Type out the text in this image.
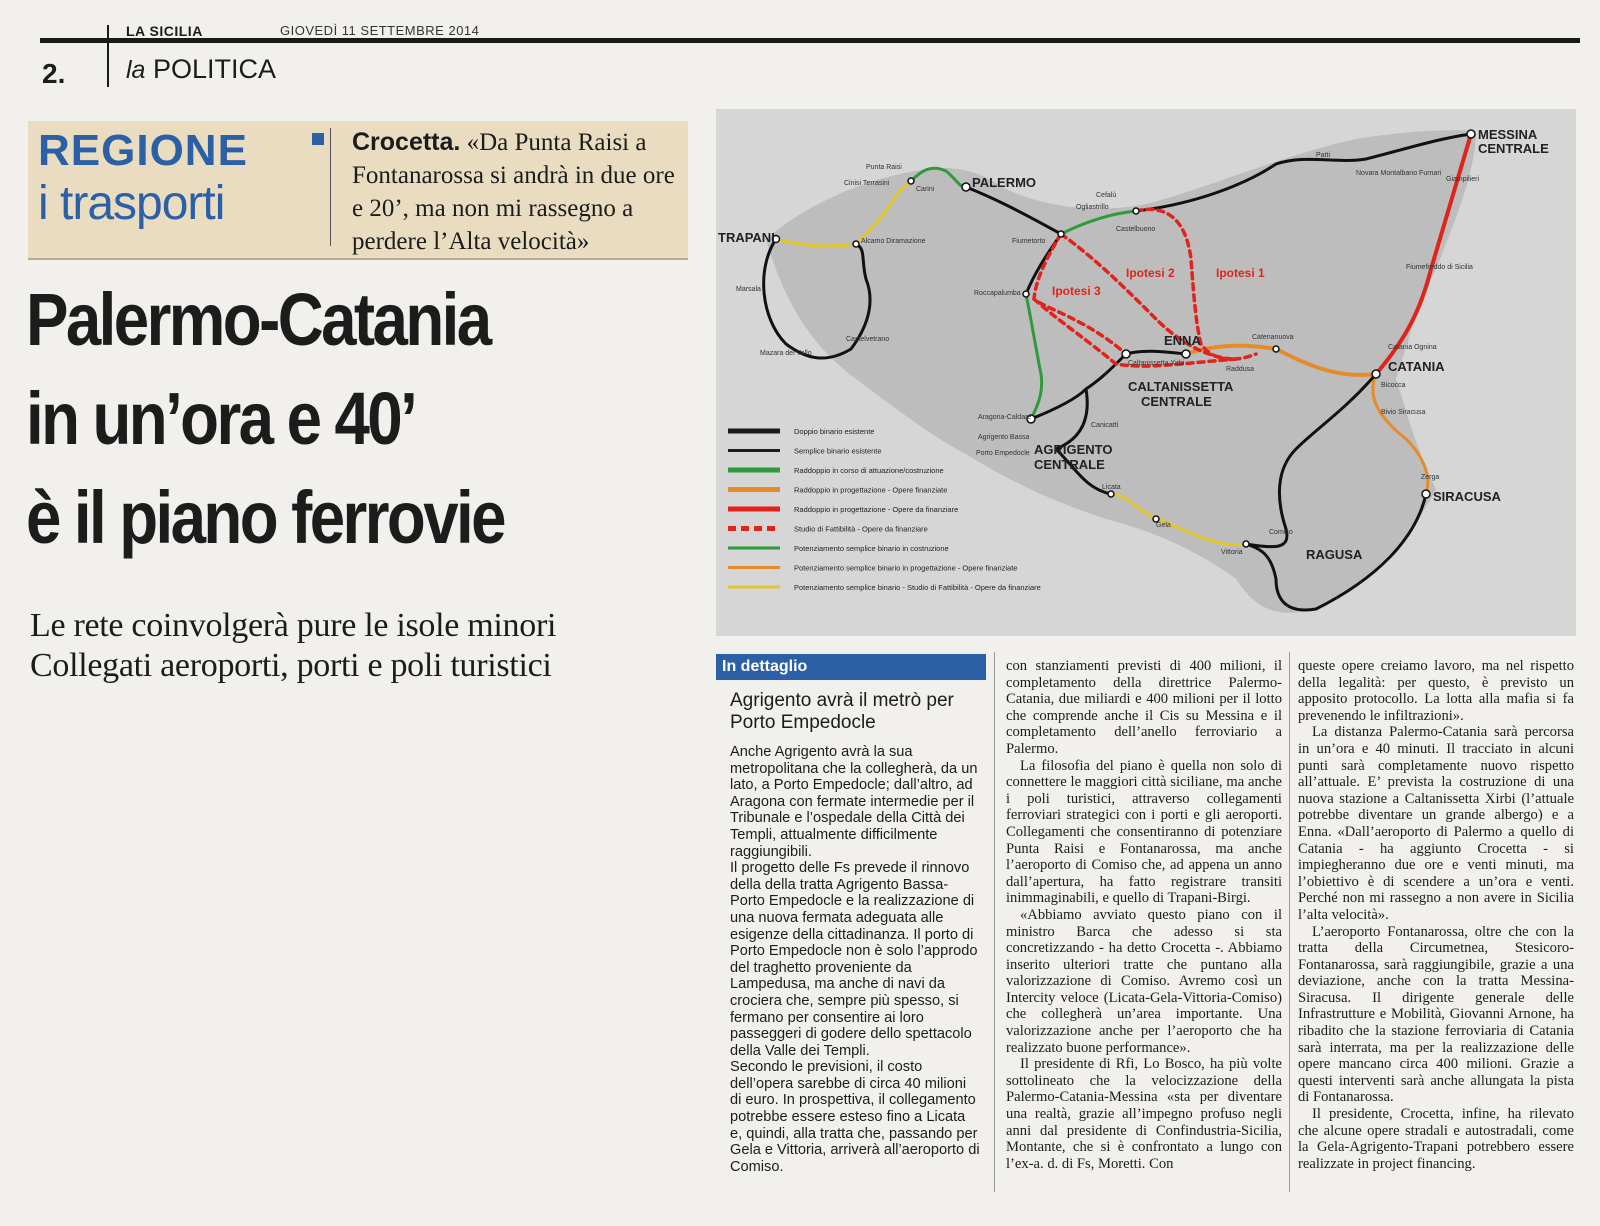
LA SICILIA	GIOVEDÌ 11 SETTEMBRE 2014
2. la POLITICA
REGIONE
i trasporti
Crocetta. «Da Punta Raisi a Fontanarossa si andrà in due ore e 20’, ma non mi rassegno a perdere l’Alta velocità»
Palermo-Catania
in un’ora e 40’
è il piano ferrovie
Le rete coinvolgerà pure le isole minori
Collegati aeroporti, porti e poli turistici
TRAPANI
PALERMO
MESSINA
CENTRALE
CATANIA
ENNA
CALTANISSETTA
CENTRALE
AGRIGENTO
CENTRALE
SIRACUSA
RAGUSA
Ipotesi 1
Ipotesi 2
Ipotesi 3
Punta Raisi
Cinisi Terrasini
Carini
Alcamo Diramazione
Marsala
Mazara del Vallo
Castelvetrano
Cefalù
Ogliastrillo
Castelbuono
Fiumetorto
Roccapalumba
Catenanuova
Raddusa
Caltanissetta Xirbi
Aragona-Caldare
Agrigento Bassa
Porto Empedocle
Canicattì
Licata
Gela
Vittoria
Comiso
Catania Ognina
Bicocca
Bivio Siracusa
Fiumefreddo di Sicilia
Giampilieri
Patti
Novara Montalbano Furnari
Zerga
Doppio binario esistente
Semplice binario esistente
Raddoppio in corso di attuazione/costruzione
Raddoppio in progettazione - Opere finanziate
Raddoppio in progettazione - Opere da finanziare
Studio di Fattibilità - Opere da finanziare
Potenziamento semplice binario in costruzione
Potenziamento semplice binario in progettazione - Opere finanziate
Potenziamento semplice binario - Studio di Fattibilità - Opere da finanziare
In dettaglio
Agrigento avrà il metrò per Porto Empedocle

Anche Agrigento avrà la sua metropolitana che la collegherà, da un lato, a Porto Empedocle; dall’altro, ad Aragona con fermate intermedie per il Tribunale e l’ospedale della Città dei Templi, attualmente difficilmente raggiungibili.

Il progetto delle Fs prevede il rinnovo della della tratta Agrigento Bassa-Porto Empedocle e la realizzazione di una nuova fermata adeguata alle esigenze della cittadinanza. Il porto di Porto Empedocle non è solo l’approdo del traghetto proveniente da Lampedusa, ma anche di navi da crociera che, sempre più spesso, si fermano per consentire ai loro passeggeri di godere dello spettacolo della Valle dei Templi.

Secondo le previsioni, il costo dell’opera sarebbe di circa 40 milioni di euro. In prospettiva, il collegamento potrebbe essere esteso fino a Licata e, quindi, alla tratta che, passando per Gela e Vittoria, arriverà all’aeroporto di Comiso.

con stanziamenti previsti di 400 milioni, il completamento della direttrice Palermo-Catania, due miliardi e 400 milioni per il lotto che comprende anche il Cis su Messina e il completamento dell’anello ferroviario a Palermo.

La filosofia del piano è quella non solo di connettere le maggiori città siciliane, ma anche i poli turistici, attraverso collegamenti ferroviari strategici con i porti e gli aeroporti. Collegamenti che consentiranno di potenziare Punta Raisi e Fontanarossa, ma anche l’aeroporto di Comiso che, ad appena un anno dall’apertura, ha fatto registrare transiti inimmaginabili, e quello di Trapani-Birgi.

«Abbiamo avviato questo piano con il ministro Barca che adesso si sta concretizzando - ha detto Crocetta -. Abbiamo inserito ulteriori tratte che puntano alla valorizzazione di Comiso. Avremo così un Intercity veloce (Licata-Gela-Vittoria-Comiso) che collegherà un’area importante. Una valorizzazione anche per l’aeroporto che ha realizzato buone performance».

Il presidente di Rfi, Lo Bosco, ha più volte sottolineato che la velocizzazione della Palermo-Catania-Messina «sta per diventare una realtà, grazie all’impegno profuso negli anni dal presidente di Confindustria-Sicilia, Montante, che si è confrontato a lungo con l’ex-a. d. di Fs, Moretti. Con

queste opere creiamo lavoro, ma nel rispetto della legalità: per questo, è previsto un apposito protocollo. La lotta alla mafia si fa prevenendo le infiltrazioni».

La distanza Palermo-Catania sarà percorsa in un’ora e 40 minuti. Il tracciato in alcuni punti sarà completamente nuovo rispetto all’attuale. E’ prevista la costruzione di una nuova stazione a Caltanissetta Xirbi (l’attuale potrebbe diventare un grande albergo) e a Enna. «Dall’aeroporto di Palermo a quello di Catania - ha aggiunto Crocetta - si impiegheranno due ore e venti minuti, ma l’obiettivo è di scendere a un’ora e venti. Perché non mi rassegno a non avere in Sicilia l’alta velocità».

L’aeroporto Fontanarossa, oltre che con la tratta della Circumetnea, Stesicoro-Fontanarossa, sarà raggiungibile, grazie a una deviazione, anche con la tratta Messina-Siracusa. Il dirigente generale delle Infrastrutture e Mobilità, Giovanni Arnone, ha ribadito che la stazione ferroviaria di Catania sarà interrata, ma per la realizzazione delle opere mancano circa 400 milioni. Grazie a questi interventi sarà anche allungata la pista di Fontanarossa.

Il presidente, Crocetta, infine, ha rilevato che alcune opere stradali e autostradali, come la Gela-Agrigento-Trapani potrebbero essere realizzate in project financing.
